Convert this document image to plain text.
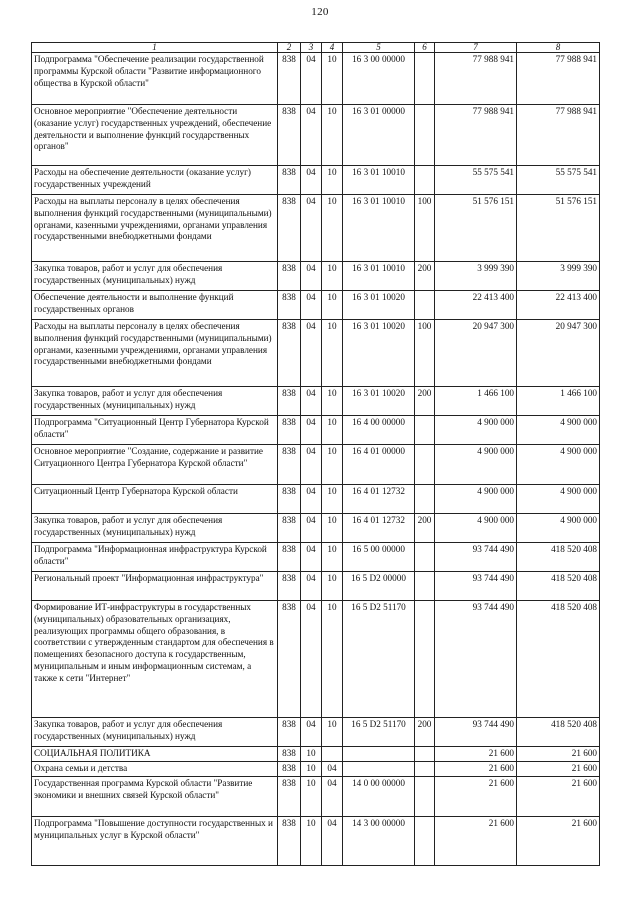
120
1	2	3	4	5	6	7	8
Подпрограмма "Обеспечение реализации государственной программы Курской области "Развитие информационного общества в Курской области"	838	04	10	16 3 00 00000		77 988 941	77 988 941
Основное мероприятие "Обеспечение деятельности (оказание услуг) государственных учреждений, обеспечение деятельности и выполнение функций государственных органов"	838	04	10	16 3 01 00000		77 988 941	77 988 941
Расходы на обеспечение деятельности (оказание услуг) государственных учреждений	838	04	10	16 3 01 10010		55 575 541	55 575 541
Расходы на выплаты персоналу в целях обеспечения выполнения функций государственными (муниципальными) органами, казенными учреждениями, органами управления государственными внебюджетными фондами	838	04	10	16 3 01 10010	100	51 576 151	51 576 151
Закупка товаров, работ и услуг для обеспечения государственных (муниципальных) нужд	838	04	10	16 3 01 10010	200	3 999 390	3 999 390
Обеспечение деятельности и выполнение функций государственных органов	838	04	10	16 3 01 10020		22 413 400	22 413 400
Расходы на выплаты персоналу в целях обеспечения выполнения функций государственными (муниципальными) органами, казенными учреждениями, органами управления государственными внебюджетными фондами	838	04	10	16 3 01 10020	100	20 947 300	20 947 300
Закупка товаров, работ и услуг для обеспечения государственных (муниципальных) нужд	838	04	10	16 3 01 10020	200	1 466 100	1 466 100
Подпрограмма "Ситуационный Центр Губернатора Курской области"	838	04	10	16 4 00 00000		4 900 000	4 900 000
Основное мероприятие "Создание, содержание и развитие Ситуационного Центра Губернатора Курской области"	838	04	10	16 4 01 00000		4 900 000	4 900 000
Ситуационный Центр Губернатора Курской области	838	04	10	16 4 01 12732		4 900 000	4 900 000
Закупка товаров, работ и услуг для обеспечения государственных (муниципальных) нужд	838	04	10	16 4 01 12732	200	4 900 000	4 900 000
Подпрограмма "Информационная инфраструктура Курской области"	838	04	10	16 5 00 00000		93 744 490	418 520 408
Региональный проект "Информационная инфраструктура"	838	04	10	16 5 D2 00000		93 744 490	418 520 408
Формирование ИТ-инфраструктуры в государственных (муниципальных) образовательных организациях, реализующих программы общего образования, в соответствии с утвержденным стандартом для обеспечения в помещениях безопасного доступа к государственным, муниципальным и иным информационным системам, а также к сети "Интернет"	838	04	10	16 5 D2 51170		93 744 490	418 520 408
Закупка товаров, работ и услуг для обеспечения государственных (муниципальных) нужд	838	04	10	16 5 D2 51170	200	93 744 490	418 520 408
СОЦИАЛЬНАЯ ПОЛИТИКА	838	10				21 600	21 600
Охрана семьи и детства	838	10	04			21 600	21 600
Государственная программа Курской области "Развитие экономики и внешних связей Курской области"	838	10	04	14 0 00 00000		21 600	21 600
Подпрограмма "Повышение доступности государственных и муниципальных услуг в Курской области"	838	10	04	14 3 00 00000		21 600	21 600
